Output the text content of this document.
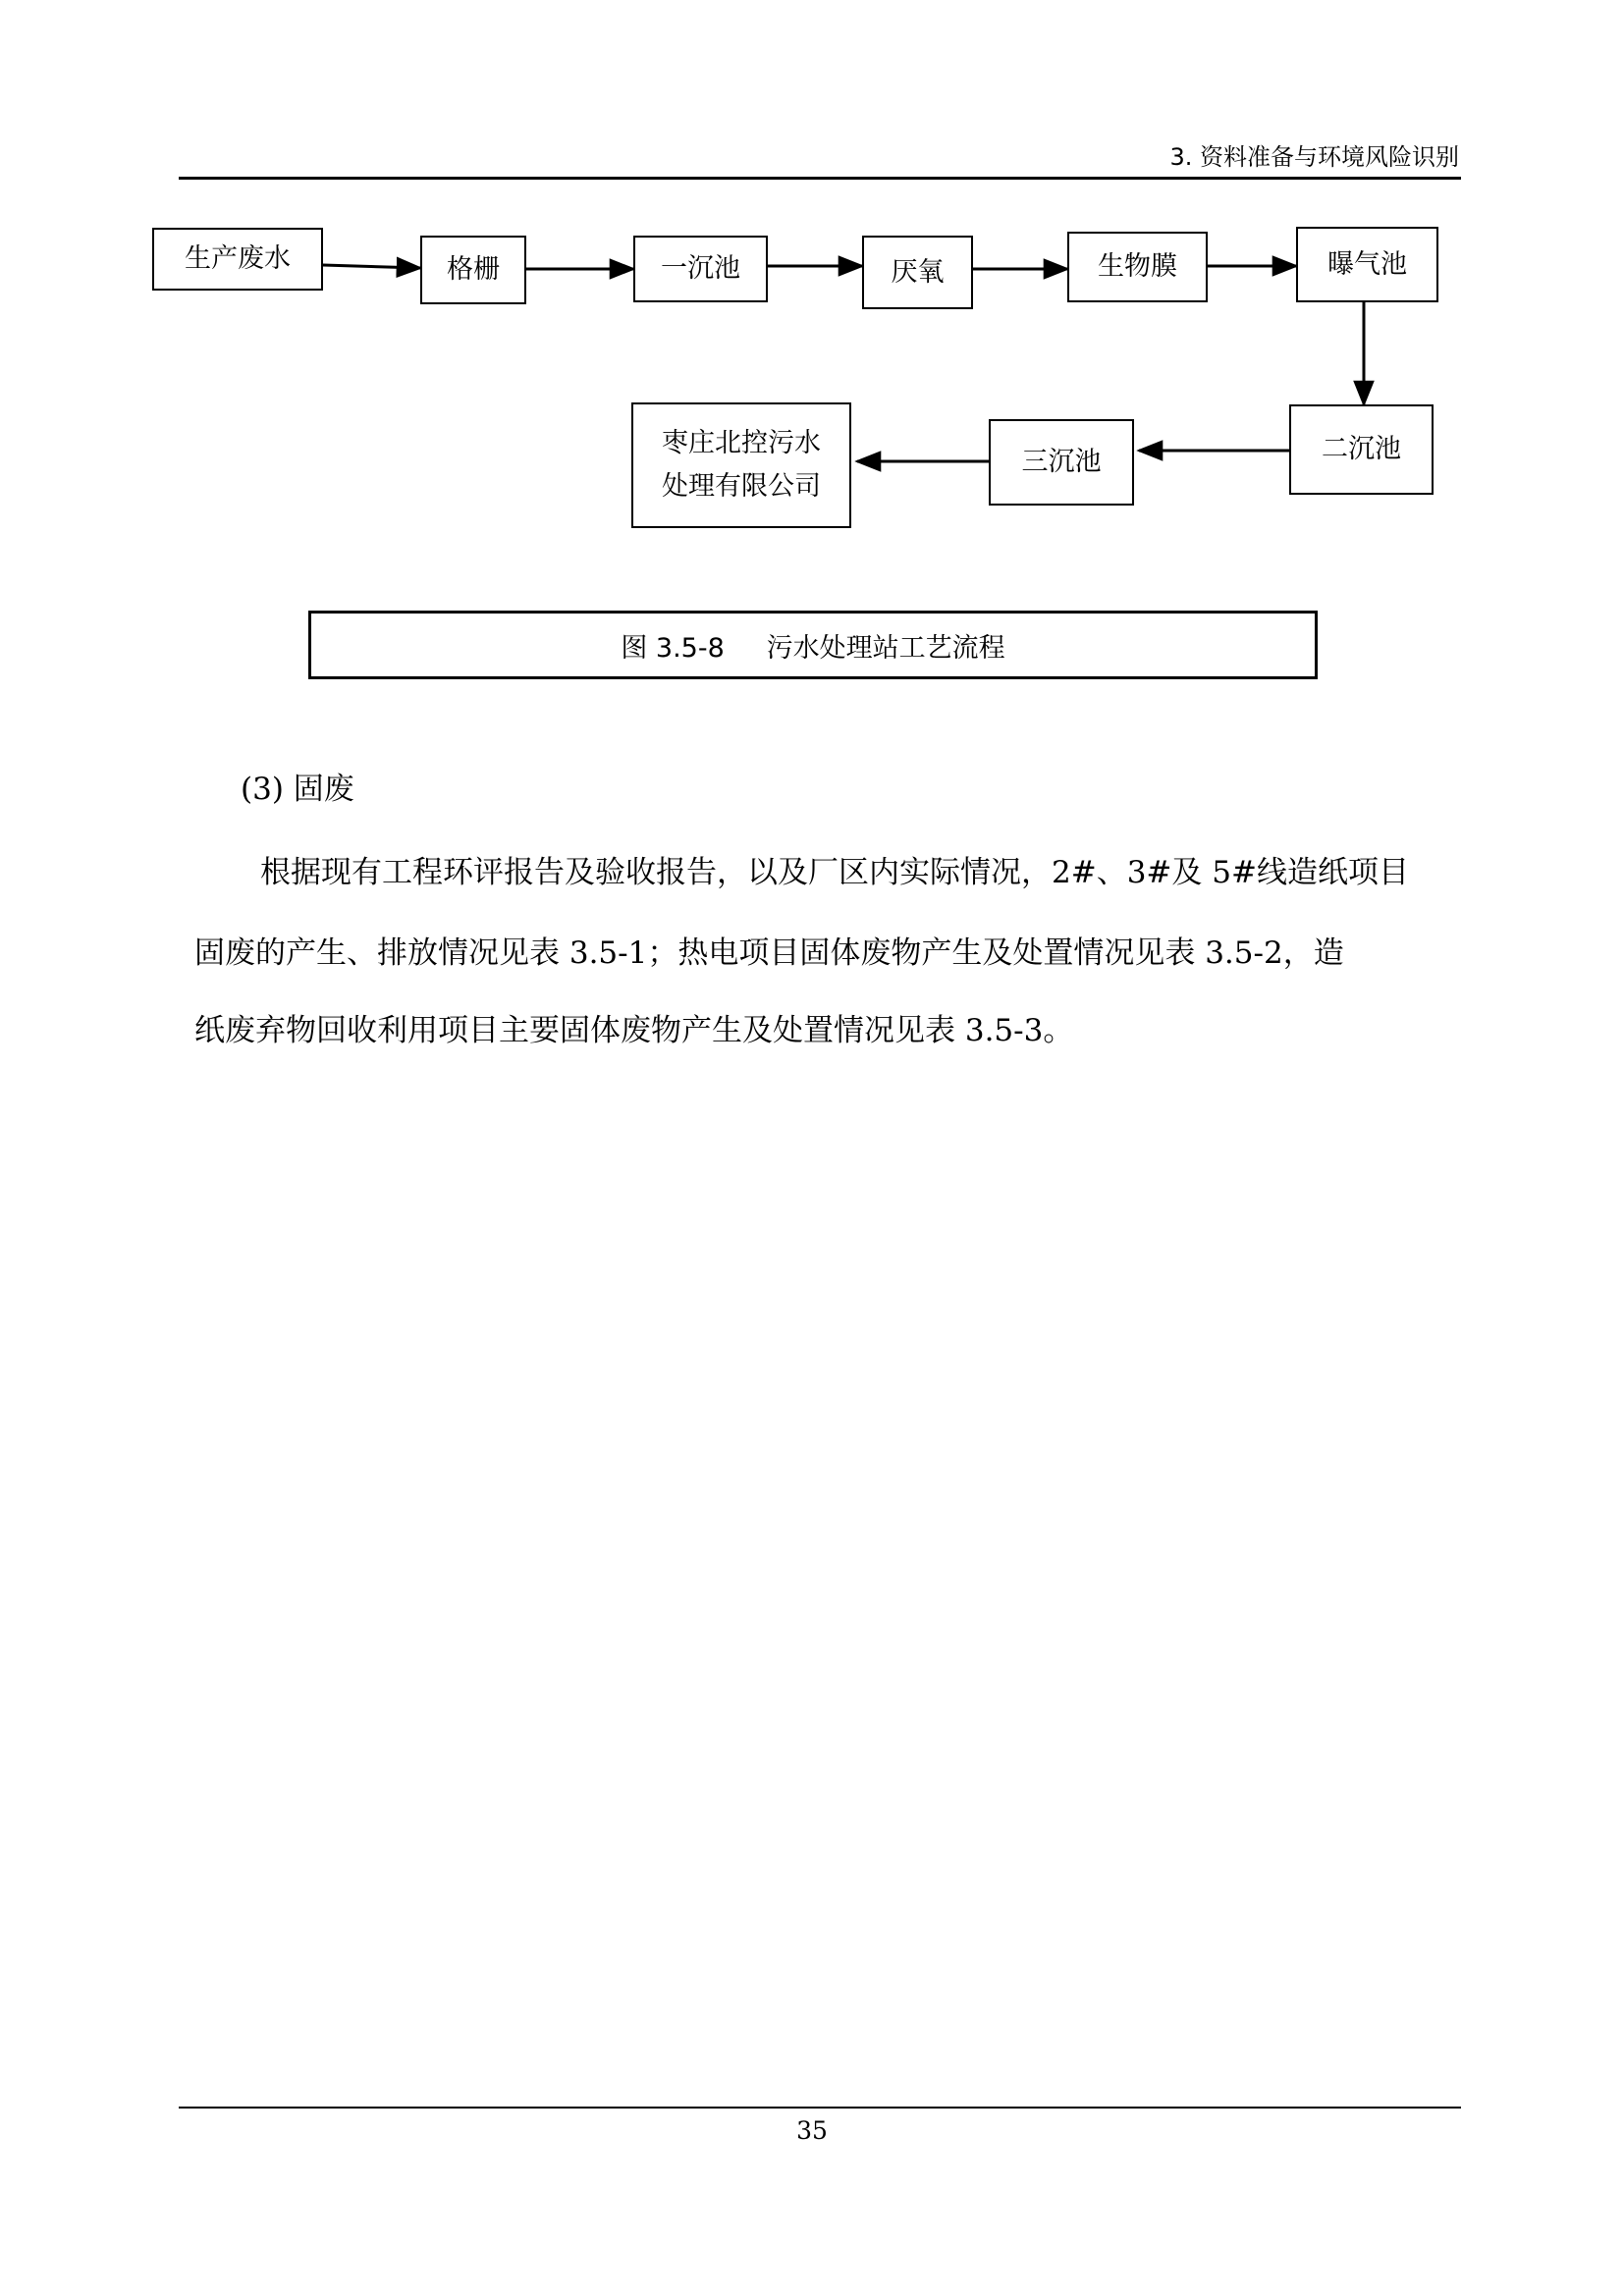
3. 资料准备与环境风险识别
生产废水	格栅	一沉池	厌氧	生物膜	曝气池
二沉池
三沉池
枣庄北控污水
处理有限公司
图 3.5-8     污水处理站工艺流程
(3) 固废
根据现有工程环评报告及验收报告，以及厂区内实际情况，2#、3#及 5#线造纸项目
固废的产生、排放情况见表 3.5-1；热电项目固体废物产生及处置情况见表 3.5-2，造
纸废弃物回收利用项目主要固体废物产生及处置情况见表 3.5-3。
35
